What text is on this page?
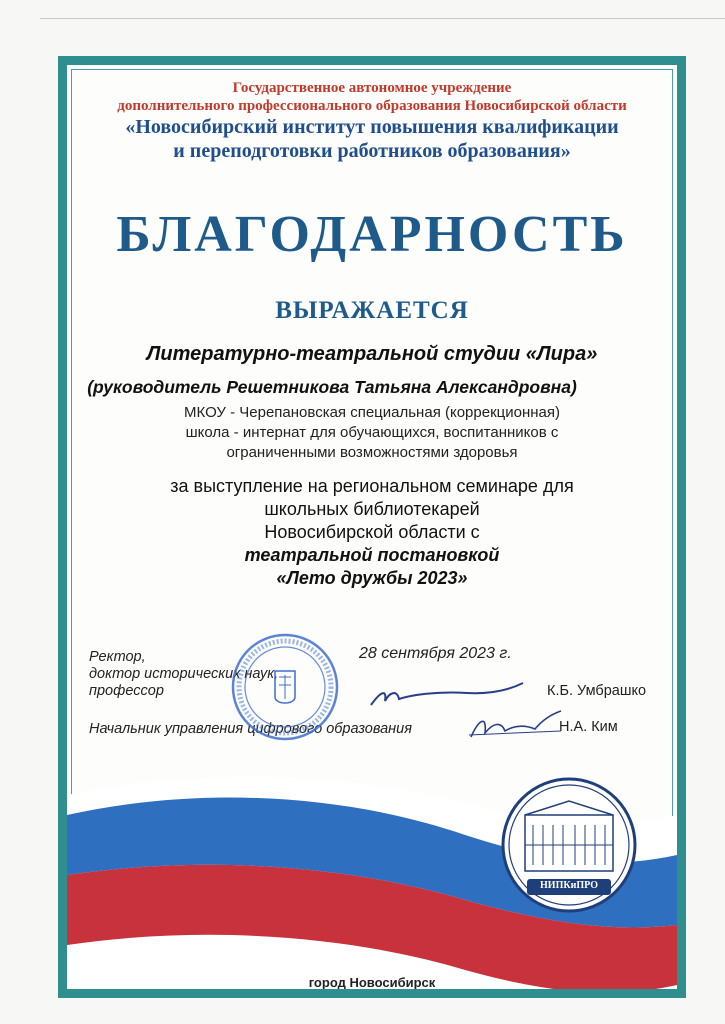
Государственное автономное учреждение
дополнительного профессионального образования Новосибирской области
«Новосибирский институт повышения квалификации
и переподготовки работников образования»
БЛАГОДАРНОСТЬ
ВЫРАЖАЕТСЯ
Литературно-театральной студии «Лира»
(руководитель Решетникова Татьяна Александровна)
МКОУ - Черепановская специальная (коррекционная)
школа - интернат для обучающихся, воспитанников с
ограниченными возможностями здоровья
за выступление на региональном семинаре для
школьных библиотекарей
Новосибирской области с
театральной постановкой
«Лето дружбы 2023»
Ректор,
доктор исторических наук,
профессор
28 сентября 2023 г.
К.Б. Умбрашко
Начальник управления цифрового образования	Н.А. Ким
НИПКиПРО
город Новосибирск
